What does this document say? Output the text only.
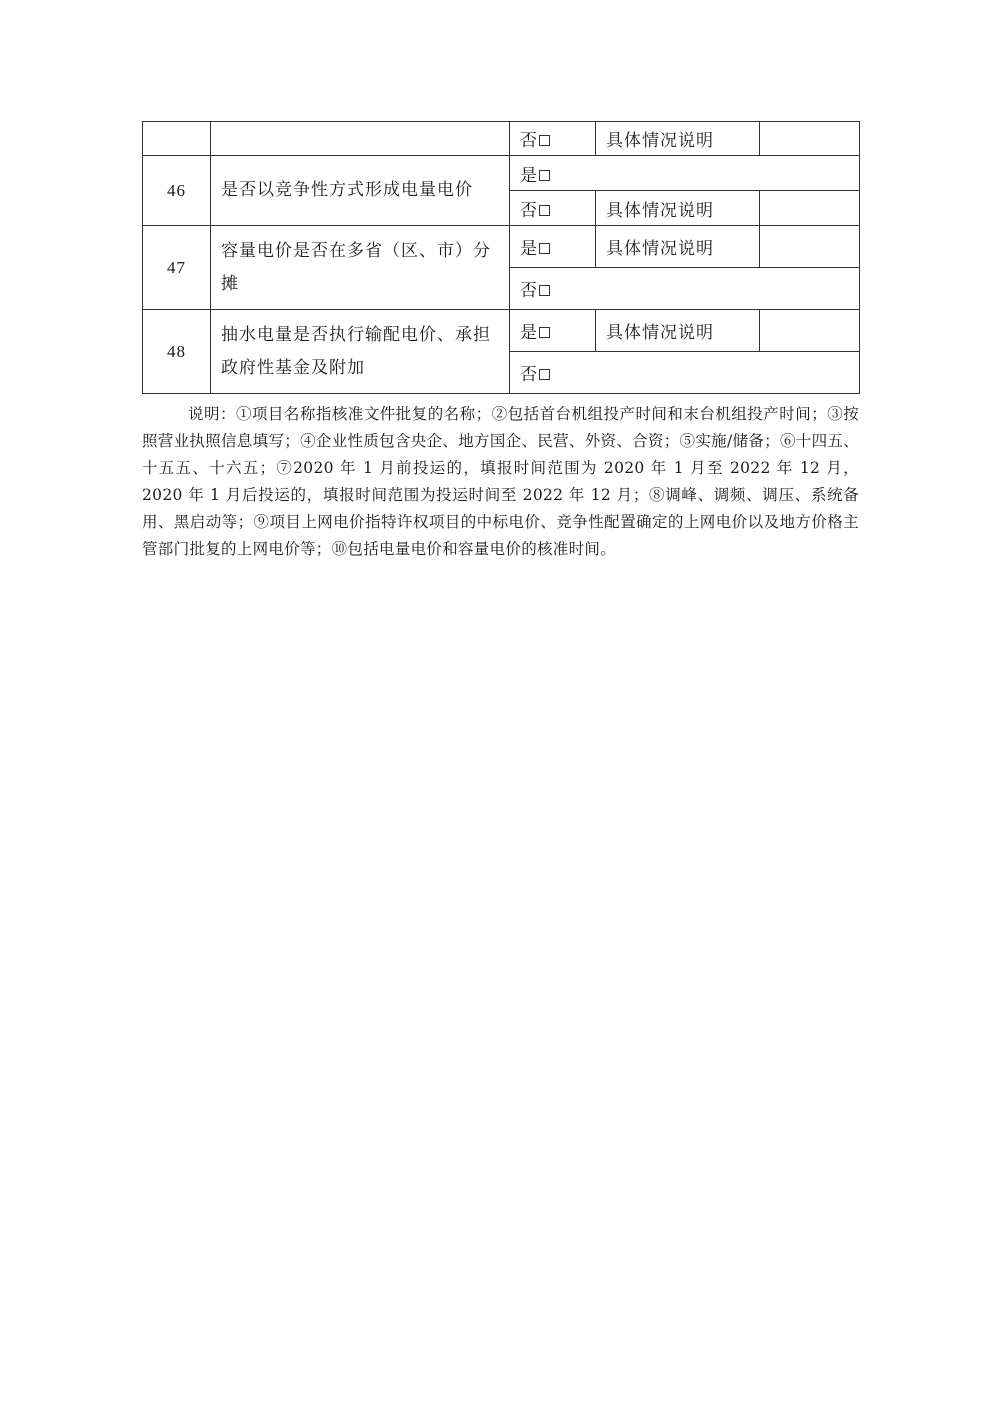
		否	具体情况说明	
46	是否以竞争性方式形成电量电价	是		
		否	具体情况说明	
47	容量电价是否在多省（区、市）分摊	是	具体情况说明	
		否		
48	抽水电量是否执行输配电价、承担政府性基金及附加	是	具体情况说明	
		否		
说明：①项目名称指核准文件批复的名称；②包括首台机组投产时间和末台机组投产时间；③按照营业执照信息填写；④企业性质包含央企、地方国企、民营、外资、合资；⑤实施/储备；⑥十四五、十五五、十六五；⑦2020 年 1 月前投运的，填报时间范围为 2020 年 1 月至 2022 年 12 月，2020 年 1 月后投运的，填报时间范围为投运时间至 2022 年 12 月；⑧调峰、调频、调压、系统备用、黑启动等；⑨项目上网电价指特许权项目的中标电价、竞争性配置确定的上网电价以及地方价格主管部门批复的上网电价等；⑩包括电量电价和容量电价的核准时间。
